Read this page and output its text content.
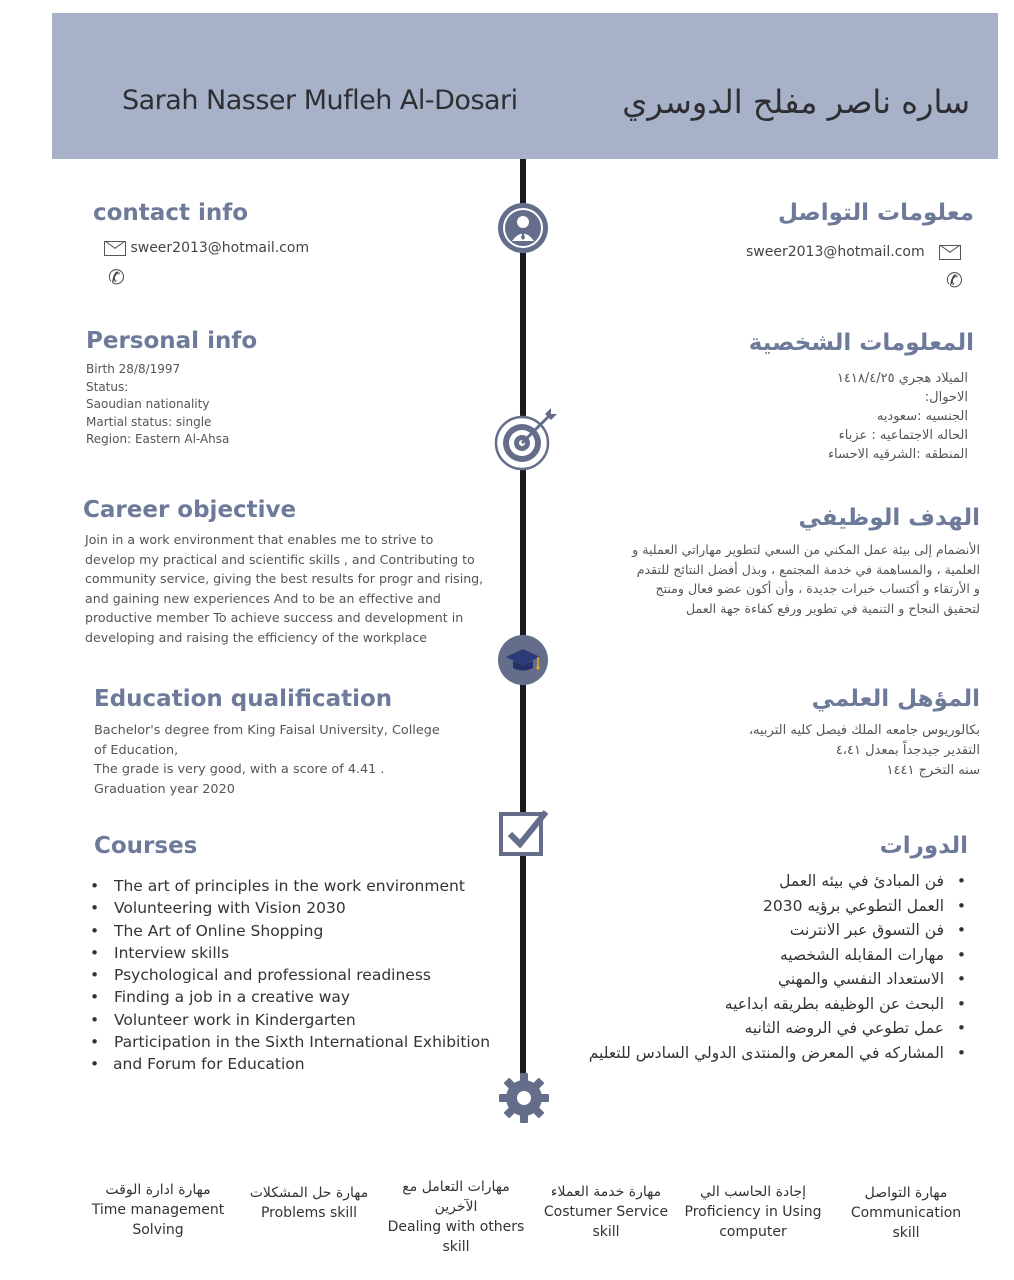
Sarah Nasser Mufleh Al-Dosari	ساره ناصر مفلح الدوسري
contact info	معلومات التواصل
sweer2013@hotmail.com
✆
sweer2013@hotmail.com
✆
Personal info	المعلومات الشخصية
Birth 28/8/1997
Status:
Saoudian nationality
Martial status: single
Region: Eastern Al-Ahsa
الميلاد هجري ١٤١٨/٤/٢٥
الاحوال:
الجنسيه :سعوديه
الحاله الاجتماعيه : عزباء
المنطقه :الشرقيه الاحساء
Career objective	الهدف الوظيفي
Join in a work environment that enables me to strive to
develop my practical and scientific skills , and Contributing to
community service, giving the best results for progr and rising,
and gaining new experiences And to be an effective and
productive member To achieve success and development in
developing and raising the efficiency of the workplace
الأنضمام إلى بيئة عمل المكني من السعي لتطوير مهاراتي العملية و
العلمية ، والمساهمة في خدمة المجتمع ، وبذل أفضل النتائج للتقدم
و الأرتقاء و أكتساب خبرات جديدة ، وأن أكون عضو فعال ومنتج
لتحقيق النجاح و التنمية في تطوير ورفع كفاءة جهة العمل
Education qualification	المؤهل العلمي
Bachelor's degree from King Faisal University, College
of Education,
The grade is very good, with a score of 4.41 .
Graduation year 2020
بكالوريوس جامعه الملك فيصل كليه التربيه،
التقدير جيدجداً بمعدل ٤،٤١
سنه التخرج ١٤٤١
Courses	الدورات
• The art of principles in the work environment
• Volunteering with Vision 2030
• The Art of Online Shopping
• Interview skills
• Psychological and professional readiness
• Finding a job in a creative way
• Volunteer work in Kindergarten
• Participation in the Sixth International Exhibition
• and Forum for Education
• فن المبادئ في بيئه العمل
• العمل التطوعي برؤيه 2030
• فن التسوق عبر الانترنت
• مهارات المقابله الشخصيه
• الاستعداد النفسي والمهني
• البحث عن الوظيفه بطريقه ابداعيه
• عمل تطوعي في الروضه الثانيه
• المشاركه في المعرض والمنتدى الدولي السادس للتعليم
مهارة ادارة الوقت
Time management
Solving
مهارة حل المشكلات
Problems skill
مهارات التعامل مع الآخرين
Dealing with others
skill
مهارة خدمة العملاء
Costumer Service
skill
إجادة الحاسب الي
Proficiency in Using
computer
مهارة التواصل
Communication
skill
